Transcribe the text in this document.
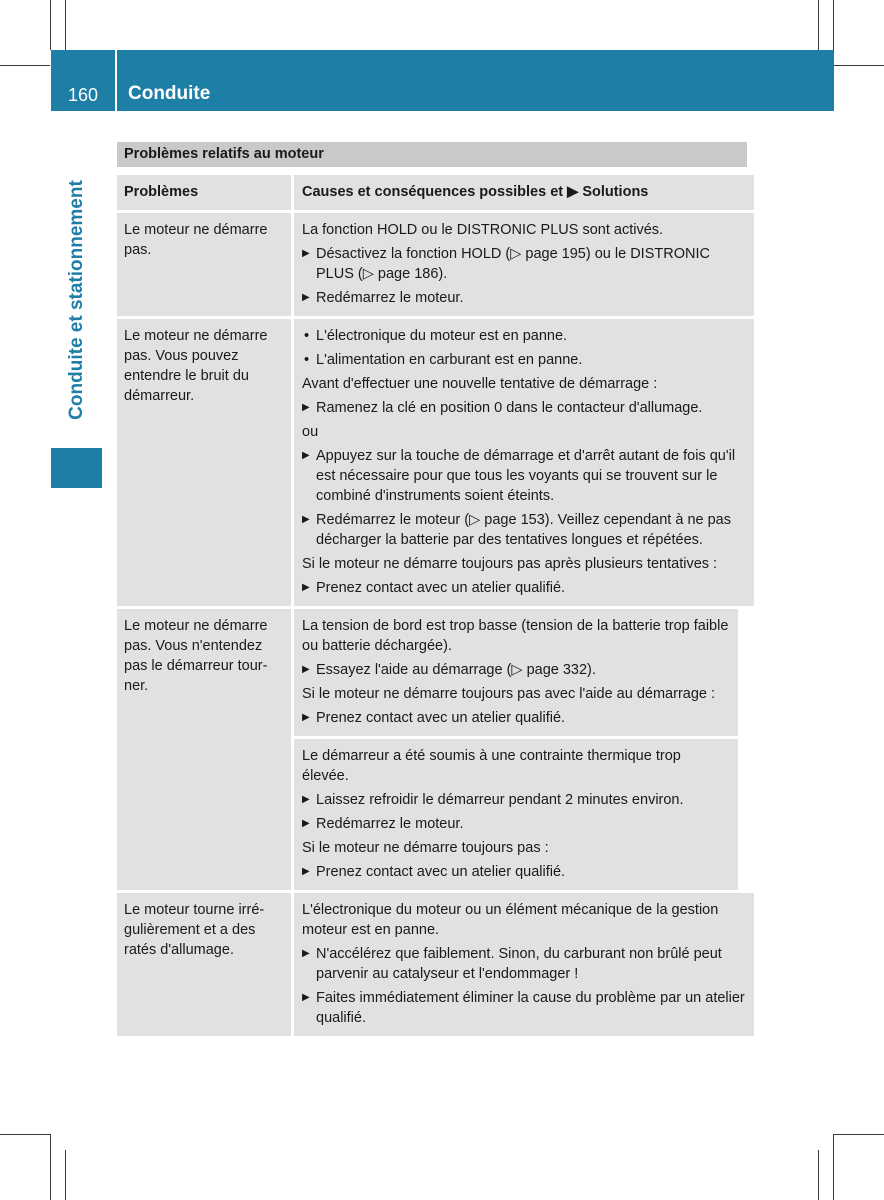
160	Conduite
Conduite et stationnement
Problèmes relatifs au moteur
Problèmes	Causes et conséquences possibles et ▶ Solutions
Le moteur ne démarre pas.
La fonction HOLD ou le DISTRONIC PLUS sont activés.
▶ Désactivez la fonction HOLD (▷ page 195) ou le DISTRONIC PLUS (▷ page 186).
▶ Redémarrez le moteur.
Le moteur ne démarre pas. Vous pouvez entendre le bruit du démarreur.
• L'électronique du moteur est en panne.
• L'alimentation en carburant est en panne.
Avant d'effectuer une nouvelle tentative de démarrage :
▶ Ramenez la clé en position 0 dans le contacteur d'allumage.
ou
▶ Appuyez sur la touche de démarrage et d'arrêt autant de fois qu'il est nécessaire pour que tous les voyants qui se trouvent sur le combiné d'instruments soient éteints.
▶ Redémarrez le moteur (▷ page 153). Veillez cependant à ne pas décharger la batterie par des tentatives longues et répétées.
Si le moteur ne démarre toujours pas après plusieurs tentatives :
▶ Prenez contact avec un atelier qualifié.
Le moteur ne démarre pas. Vous n'entendez pas le démarreur tour-ner.
La tension de bord est trop basse (tension de la batterie trop faible ou batterie déchargée).
▶ Essayez l'aide au démarrage (▷ page 332).
Si le moteur ne démarre toujours pas avec l'aide au démarrage :
▶ Prenez contact avec un atelier qualifié.
Le démarreur a été soumis à une contrainte thermique trop élevée.
▶ Laissez refroidir le démarreur pendant 2 minutes environ.
▶ Redémarrez le moteur.
Si le moteur ne démarre toujours pas :
▶ Prenez contact avec un atelier qualifié.
Le moteur tourne irré-gulièrement et a des ratés d'allumage.
L'électronique du moteur ou un élément mécanique de la gestion moteur est en panne.
▶ N'accélérez que faiblement. Sinon, du carburant non brûlé peut parvenir au catalyseur et l'endommager !
▶ Faites immédiatement éliminer la cause du problème par un atelier qualifié.
